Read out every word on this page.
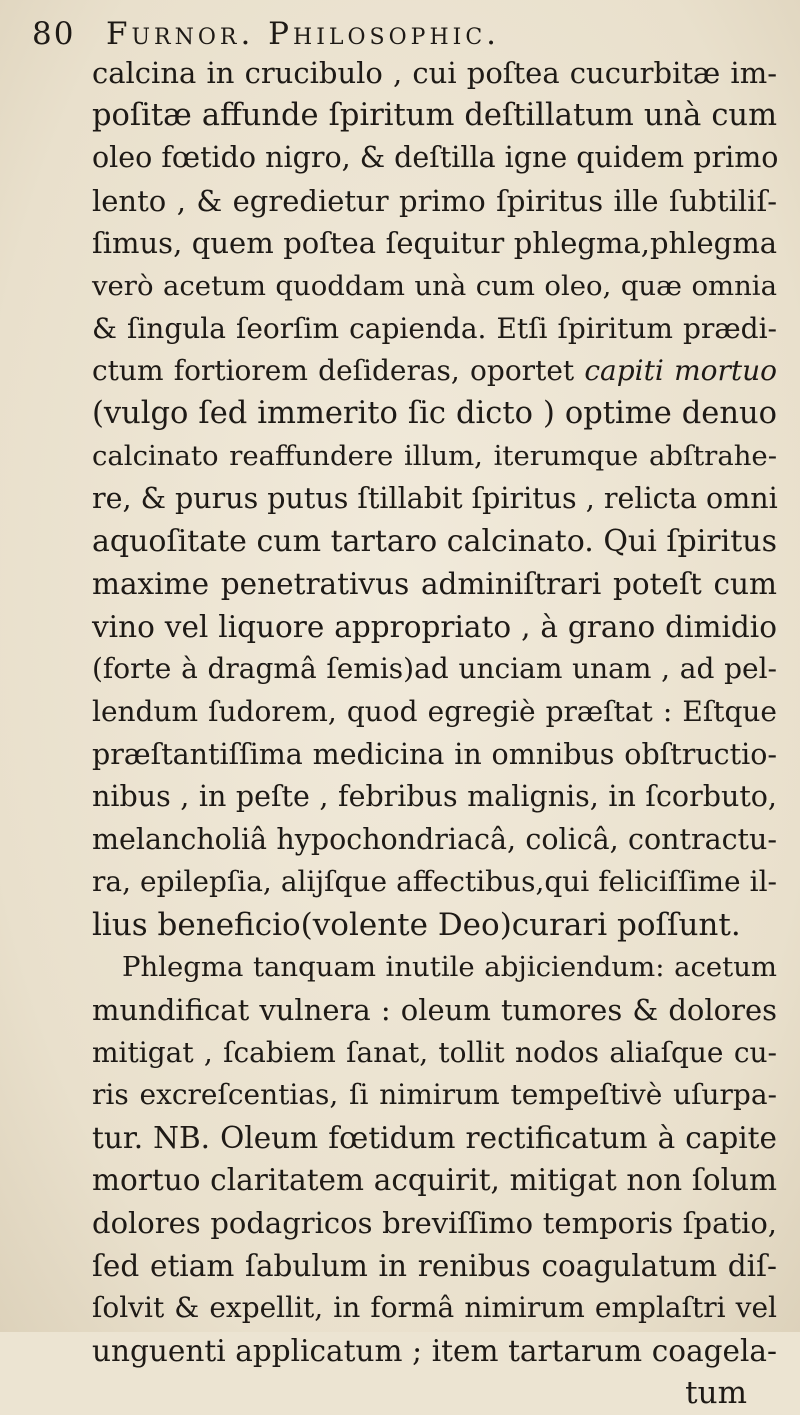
80 Furnor. Philosophic.
calcina in crucibulo , cui poſtea cucurbitæ im-
poſitæ affunde ſpiritum deſtillatum unà cum
oleo fœtido nigro, & deſtilla igne quidem primo
lento , & egredietur primo ſpiritus ille ſubtiliſ-
ſimus, quem poſtea ſequitur phlegma,phlegma
verò acetum quoddam unà cum oleo, quæ omnia
& ſingula ſeorſim capienda. Etſi ſpiritum prædi-
ctum fortiorem deſideras, oportet capiti mortuo
(vulgo ſed immerito ſic dicto ) optime denuo
calcinato reaffundere illum, iterumque abſtrahe-
re, & purus putus ſtillabit ſpiritus , relicta omni
aquoſitate cum tartaro calcinato. Qui ſpiritus
maxime penetrativus adminiſtrari poteſt cum
vino vel liquore appropriato , à grano dimidio
(forte à dragmâ ſemis)ad unciam unam , ad pel-
lendum ſudorem, quod egregiè præſtat : Eſtque
præſtantiſſima medicina in omnibus obſtructio-
nibus , in peſte , febribus malignis, in ſcorbuto,
melancholiâ hypochondriacâ, colicâ, contractu-
ra, epilepſia, alijſque affectibus,qui feliciſſime il-
lius beneficio(volente Deo)curari poſſunt.
Phlegma tanquam inutile abjiciendum: acetum
mundificat vulnera : oleum tumores & dolores
mitigat , ſcabiem ſanat, tollit nodos aliaſque cu-
ris excreſcentias, ſi nimirum tempeſtivè uſurpa-
tur. NB. Oleum fœtidum rectificatum à capite
mortuo claritatem acquirit, mitigat non ſolum
dolores podagricos breviſſimo temporis ſpatio,
ſed etiam ſabulum in renibus coagulatum diſ-
ſolvit & expellit, in formâ nimirum emplaſtri vel
unguenti applicatum ; item tartarum coagela-
tum
